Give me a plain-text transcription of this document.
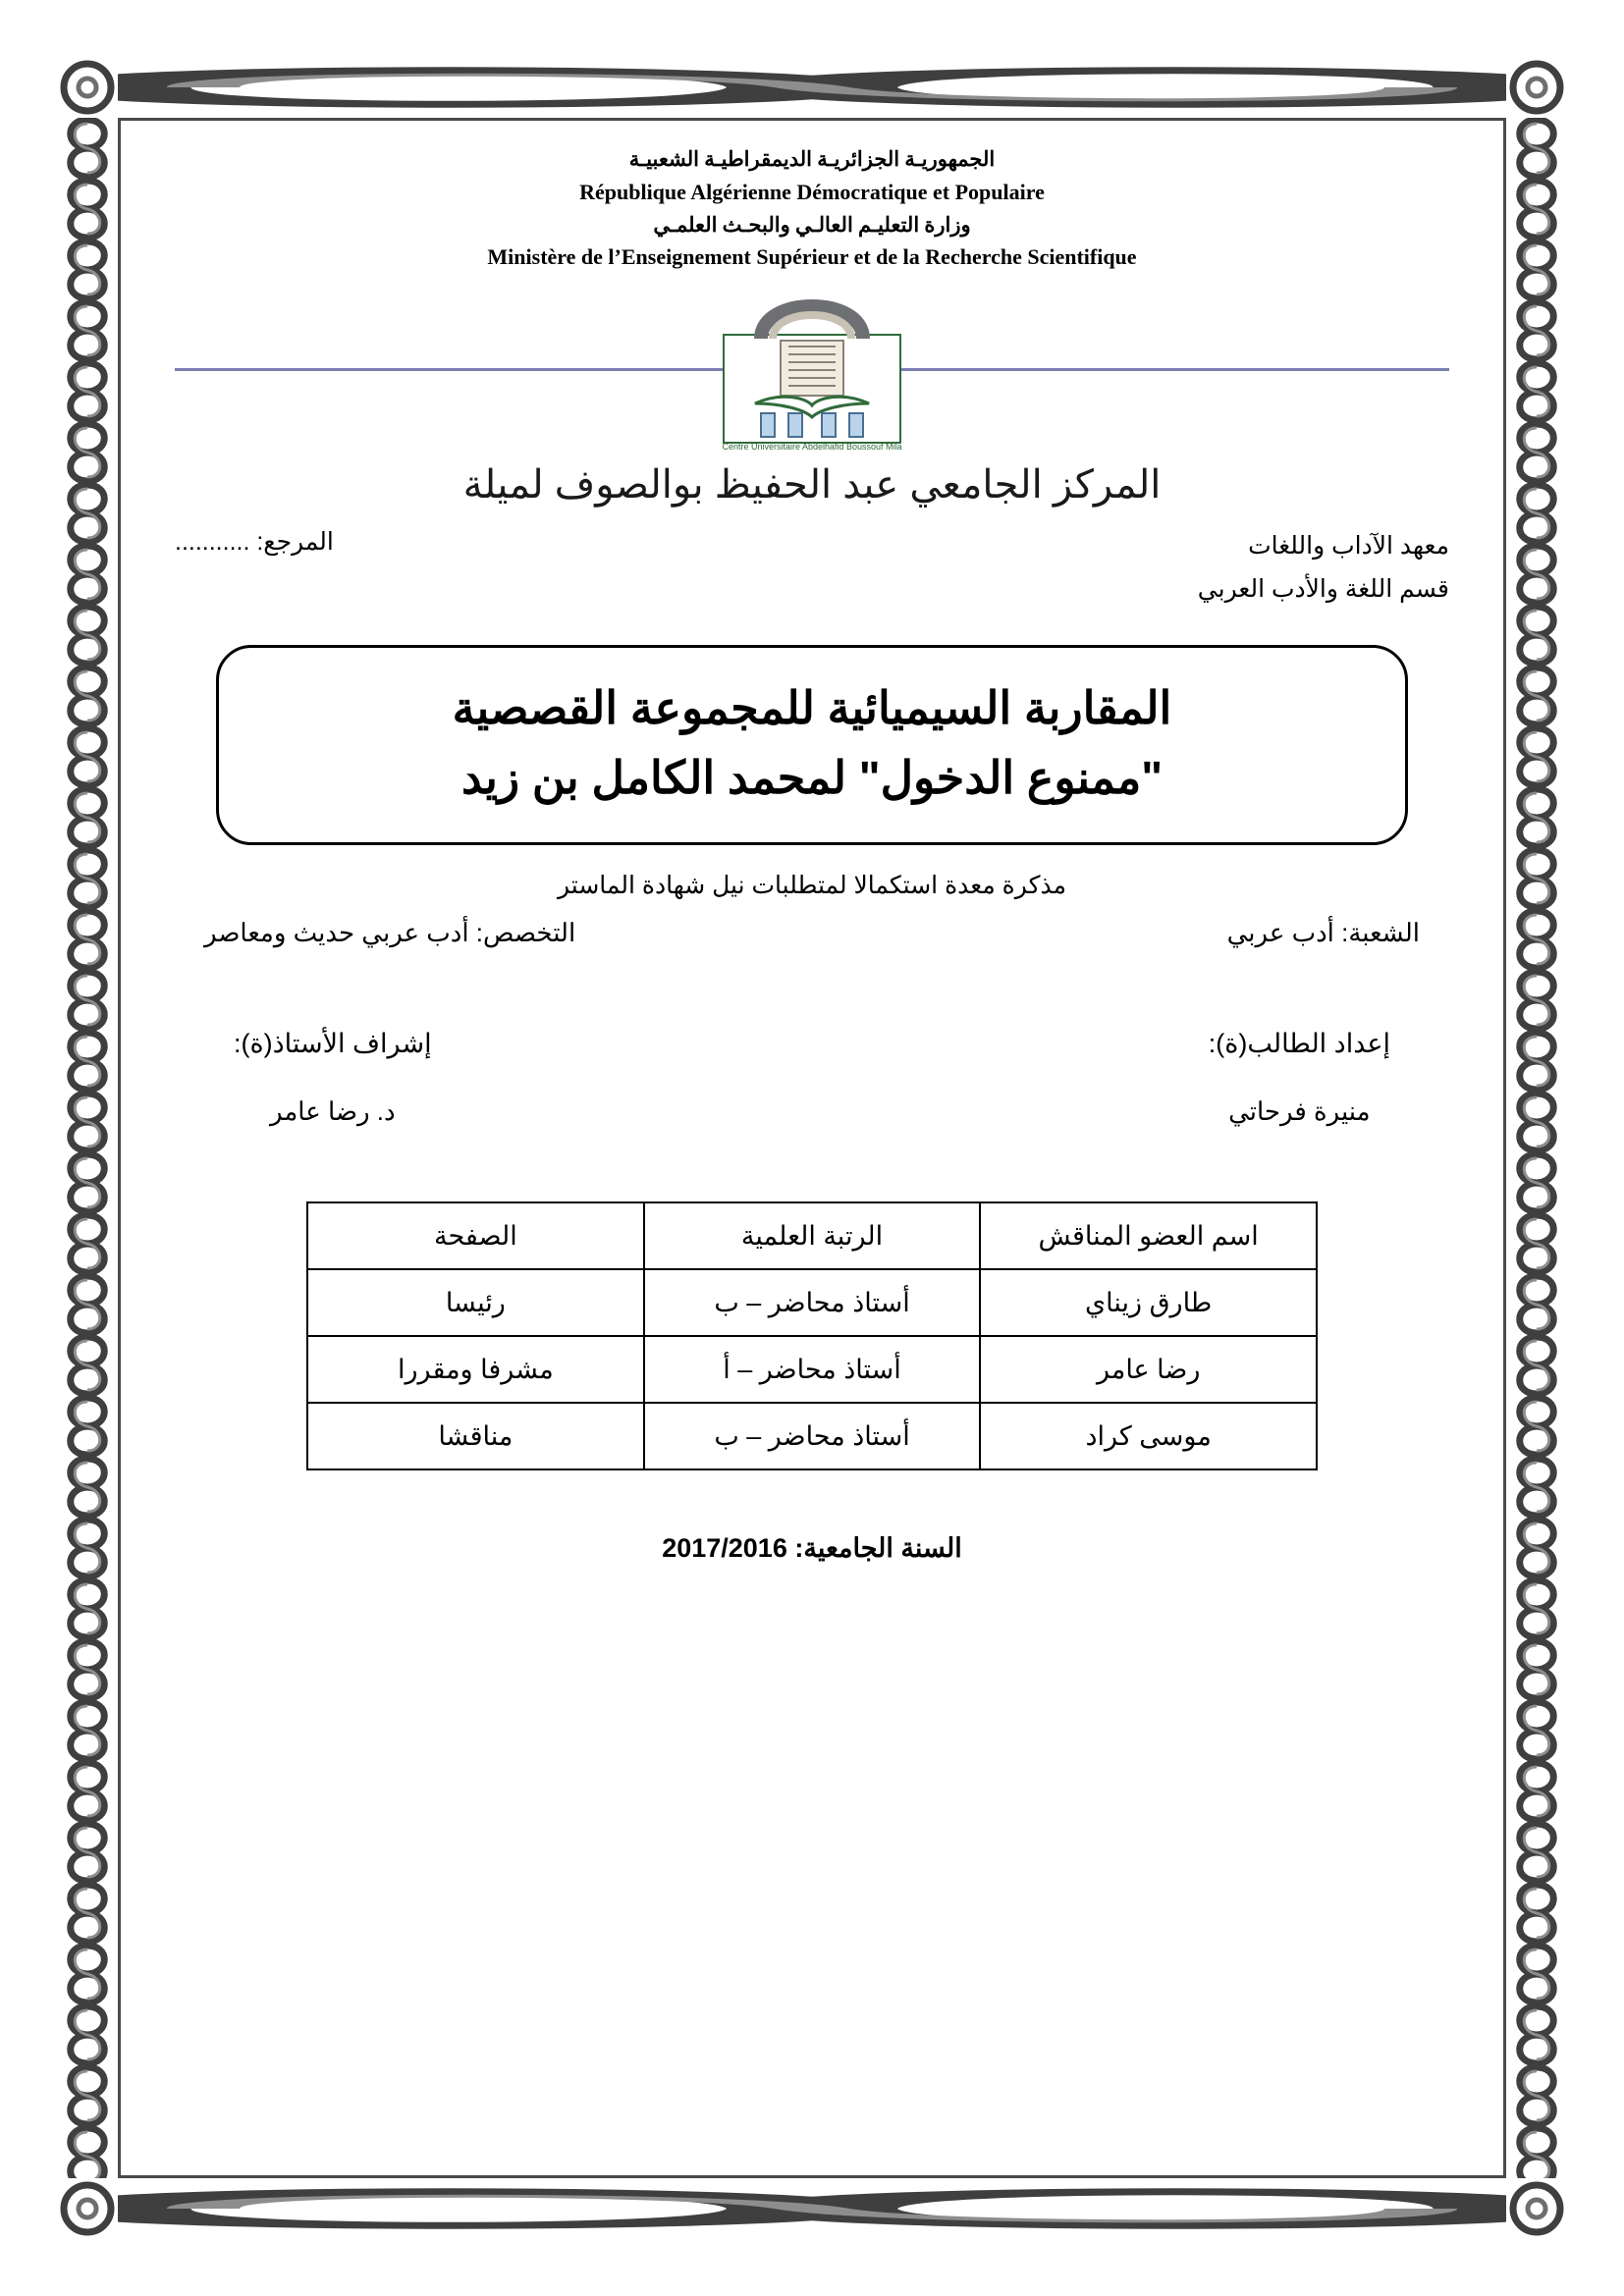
الجمهوريـة الجزائريـة الديمقراطيـة الشعبيـة
République Algérienne Démocratique et Populaire
وزارة التعليـم العالـي والبحـث العلمـي
Ministère de l’Enseignement Supérieur et de la Recherche Scientifique
Centre Universitaire Abdelhafid Boussouf Mila
المركز الجامعي عبد الحفيظ بوالصوف لميلة
معهد الآداب واللغات
قسم اللغة والأدب العربي
المرجع: ...........
المقاربة السيميائية للمجموعة القصصية
"ممنوع الدخول" لمحمد الكامل بن زيد
مذكرة معدة استكمالا لمتطلبات نيل شهادة الماستر
الشعبة: أدب عربي
التخصص: أدب عربي حديث ومعاصر
إعداد الطالب(ة):
منيرة فرحاتي
إشراف الأستاذ(ة):
د. رضا عامر
اسم العضو المناقش	الرتبة العلمية	الصفحة
طارق زيناي	أستاذ محاضر – ب	رئيسا
رضا عامر	أستاذ محاضر – أ	مشرفا ومقررا
موسى كراد	أستاذ محاضر – ب	مناقشا
السنة الجامعية: 2017/2016
